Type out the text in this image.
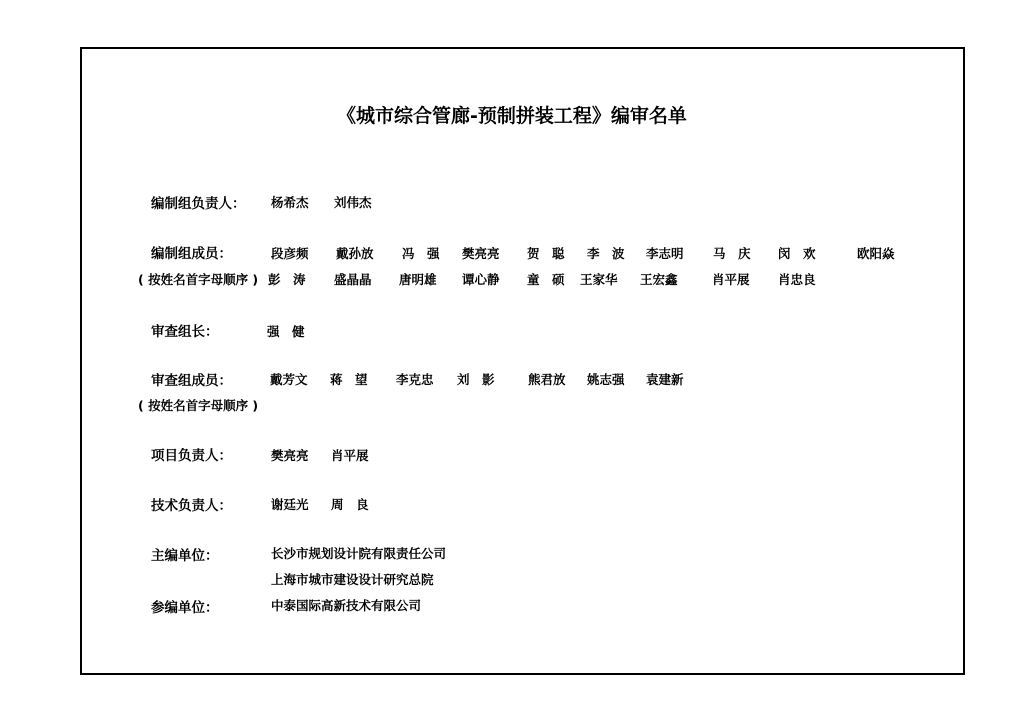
《城市综合管廊-预制拼装工程》编审名单
编制组负责人： 杨希杰 刘伟杰
编制组成员：
( 按姓名首字母顺序 )
段彦频 戴孙放 冯　强 樊亮亮 贺　聪 李　波 李志明 马　庆 闵　欢	欧阳焱
彭　涛 盛晶晶 唐明雄 谭心静 童　硕 王家华 王宏鑫	肖平展 肖忠良
审查组长：	强　健
审查组成员：
( 按姓名首字母顺序 )
戴芳文 蒋　望 李克忠 刘　影	熊君放 姚志强 袁建新
项目负责人：	樊亮亮 肖平展
技术负责人：	谢廷光 周　良
主编单位：	长沙市规划设计院有限责任公司
上海市城市建设设计研究总院
参编单位：	中泰国际高新技术有限公司
